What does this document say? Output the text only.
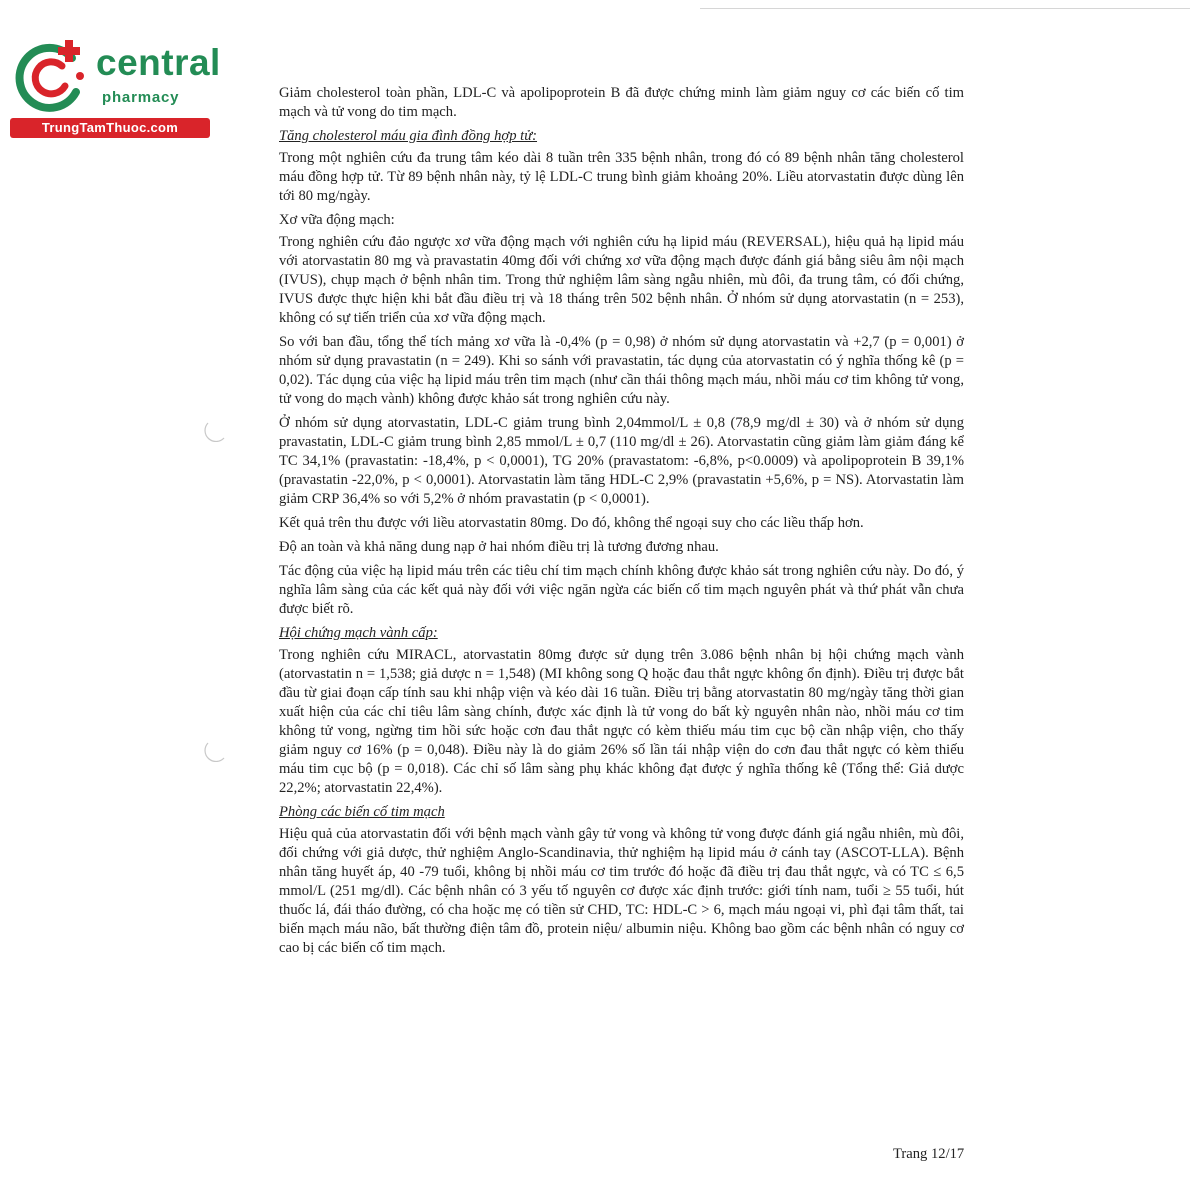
central
pharmacy
TrungTamThuoc.com

Giảm cholesterol toàn phần, LDL-C và apolipoprotein B đã được chứng minh làm giảm nguy cơ các biến cố tim mạch và tử vong do tim mạch.

Tăng cholesterol máu gia đình đồng hợp tử:

Trong một nghiên cứu đa trung tâm kéo dài 8 tuần trên 335 bệnh nhân, trong đó có 89 bệnh nhân tăng cholesterol máu đồng hợp tử. Từ 89 bệnh nhân này, tỷ lệ LDL-C trung bình giảm khoảng 20%. Liều atorvastatin được dùng lên tới 80 mg/ngày.

Xơ vữa động mạch:

Trong nghiên cứu đảo ngược xơ vữa động mạch với nghiên cứu hạ lipid máu (REVERSAL), hiệu quả hạ lipid máu với atorvastatin 80 mg và pravastatin 40mg đối với chứng xơ vữa động mạch được đánh giá bằng siêu âm nội mạch (IVUS), chụp mạch ở bệnh nhân tim. Trong thử nghiệm lâm sàng ngẫu nhiên, mù đôi, đa trung tâm, có đối chứng, IVUS được thực hiện khi bắt đầu điều trị và 18 tháng trên 502 bệnh nhân. Ở nhóm sử dụng atorvastatin (n = 253), không có sự tiến triển của xơ vữa động mạch.

So với ban đầu, tổng thể tích mảng xơ vữa là -0,4% (p = 0,98) ở nhóm sử dụng atorvastatin và +2,7 (p = 0,001) ở nhóm sử dụng pravastatin (n = 249). Khi so sánh với pravastatin, tác dụng của atorvastatin có ý nghĩa thống kê (p = 0,02). Tác dụng của việc hạ lipid máu trên tim mạch (như cần thái thông mạch máu, nhồi máu cơ tim không tử vong, tử vong do mạch vành) không được khảo sát trong nghiên cứu này.

Ở nhóm sử dụng atorvastatin, LDL-C giảm trung bình 2,04mmol/L ± 0,8 (78,9 mg/dl ± 30) và ở nhóm sử dụng pravastatin, LDL-C giảm trung bình 2,85 mmol/L ± 0,7 (110 mg/dl ± 26). Atorvastatin cũng giảm làm giảm đáng kể TC 34,1% (pravastatin: -18,4%, p < 0,0001), TG 20% (pravastatom: -6,8%, p<0.0009) và apolipoprotein B 39,1% (pravastatin -22,0%, p < 0,0001). Atorvastatin làm tăng HDL-C 2,9% (pravastatin +5,6%, p = NS). Atorvastatin làm giảm CRP 36,4% so với 5,2% ở nhóm pravastatin (p < 0,0001).

Kết quả trên thu được với liều atorvastatin 80mg. Do đó, không thể ngoại suy cho các liều thấp hơn.

Độ an toàn và khả năng dung nạp ở hai nhóm điều trị là tương đương nhau.

Tác động của việc hạ lipid máu trên các tiêu chí tim mạch chính không được khảo sát trong nghiên cứu này. Do đó, ý nghĩa lâm sàng của các kết quả này đối với việc ngăn ngừa các biến cố tim mạch nguyên phát và thứ phát vẫn chưa được biết rõ.

Hội chứng mạch vành cấp:

Trong nghiên cứu MIRACL, atorvastatin 80mg được sử dụng trên 3.086 bệnh nhân bị hội chứng mạch vành (atorvastatin n = 1,538; giả dược n = 1,548) (MI không song Q hoặc đau thắt ngực không ổn định). Điều trị được bắt đầu từ giai đoạn cấp tính sau khi nhập viện và kéo dài 16 tuần. Điều trị bằng atorvastatin 80 mg/ngày tăng thời gian xuất hiện của các chỉ tiêu lâm sàng chính, được xác định là tử vong do bất kỳ nguyên nhân nào, nhồi máu cơ tim không tử vong, ngừng tim hồi sức hoặc cơn đau thắt ngực có kèm thiếu máu tim cục bộ cần nhập viện, cho thấy giảm nguy cơ 16% (p = 0,048). Điều này là do giảm 26% số lần tái nhập viện do cơn đau thắt ngực có kèm thiếu máu tim cục bộ (p = 0,018). Các chỉ số lâm sàng phụ khác không đạt được ý nghĩa thống kê (Tổng thể: Giả dược 22,2%; atorvastatin 22,4%).

Phòng các biến cố tim mạch

Hiệu quả của atorvastatin đối với bệnh mạch vành gây tử vong và không tử vong được đánh giá ngẫu nhiên, mù đôi, đối chứng với giả dược, thử nghiệm Anglo-Scandinavia, thử nghiệm hạ lipid máu ở cánh tay (ASCOT-LLA). Bệnh nhân tăng huyết áp, 40 -79 tuổi, không bị nhồi máu cơ tim trước đó hoặc đã điều trị đau thắt ngực, và có TC ≤ 6,5 mmol/L (251 mg/dl). Các bệnh nhân có 3 yếu tố nguyên cơ được xác định trước: giới tính nam, tuổi ≥ 55 tuổi, hút thuốc lá, đái tháo đường, có cha hoặc mẹ có tiền sử CHD, TC: HDL-C > 6, mạch máu ngoại vi, phì đại tâm thất, tai biến mạch máu não, bất thường điện tâm đồ, protein niệu/ albumin niệu. Không bao gồm các bệnh nhân có nguy cơ cao bị các biến cố tim mạch.

Trang 12/17
